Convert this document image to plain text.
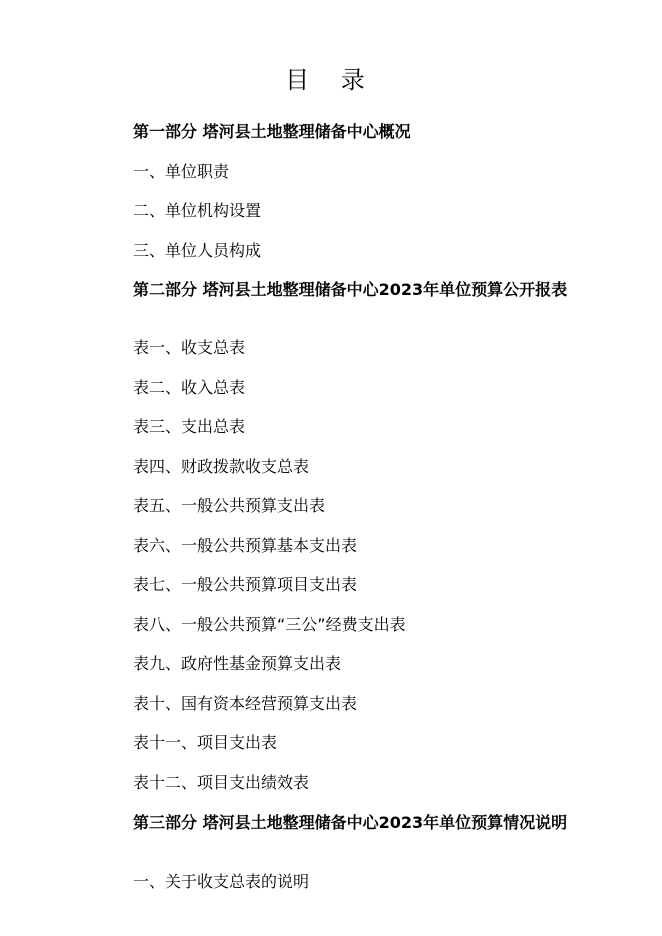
目 录
第一部分 塔河县土地整理储备中心概况
一、单位职责
二、单位机构设置
三、单位人员构成
第二部分 塔河县土地整理储备中心2023年单位预算公开报表
表一、收支总表
表二、收入总表
表三、支出总表
表四、财政拨款收支总表
表五、一般公共预算支出表
表六、一般公共预算基本支出表
表七、一般公共预算项目支出表
表八、一般公共预算“三公”经费支出表
表九、政府性基金预算支出表
表十、国有资本经营预算支出表
表十一、项目支出表
表十二、项目支出绩效表
第三部分 塔河县土地整理储备中心2023年单位预算情况说明
一、关于收支总表的说明
